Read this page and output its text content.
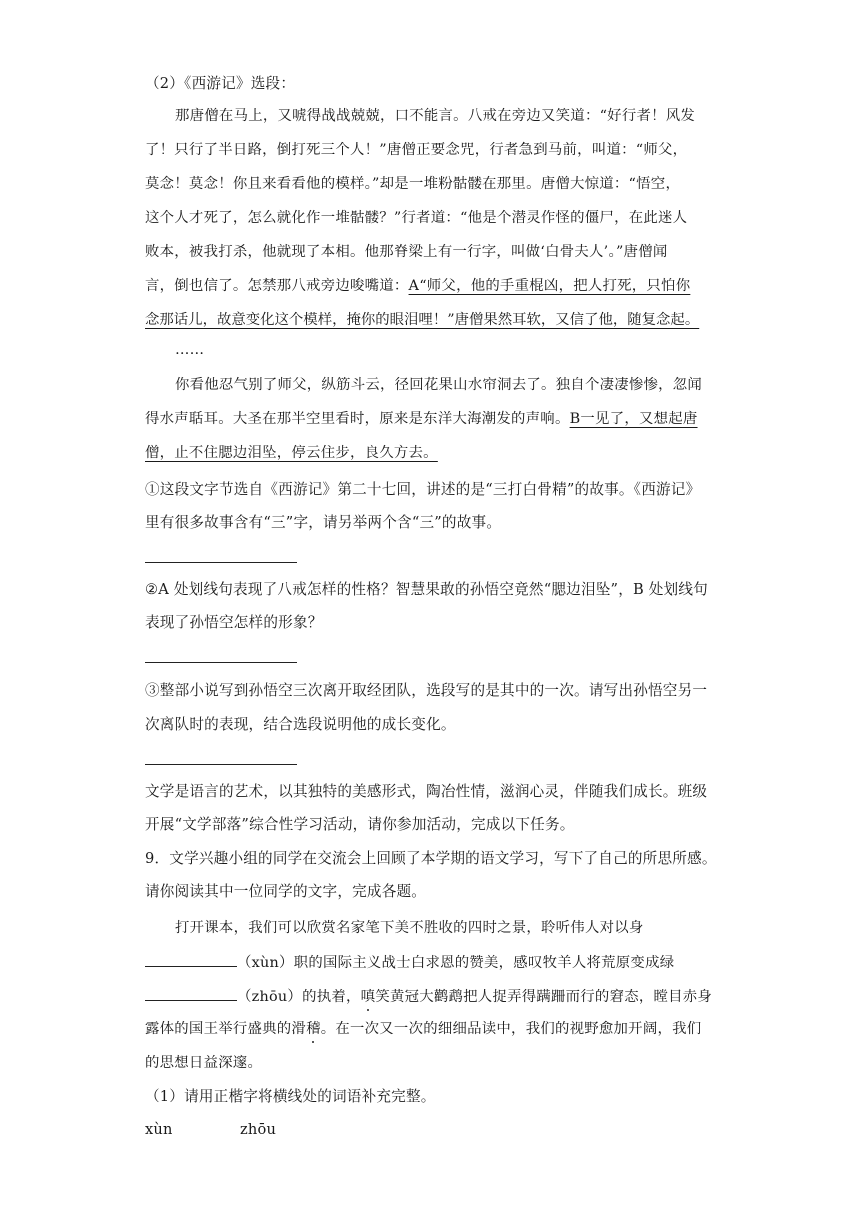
（2）《西游记》选段：
那唐僧在马上，又唬得战战兢兢，口不能言。八戒在旁边又笑道：“好行者！风发
了！只行了半日路，倒打死三个人！”唐僧正要念咒，行者急到马前，叫道：“师父，
莫念！莫念！你且来看看他的模样。”却是一堆粉骷髅在那里。唐僧大惊道：“悟空，
这个人才死了，怎么就化作一堆骷髅？”行者道：“他是个潜灵作怪的僵尸，在此迷人
败本，被我打杀，他就现了本相。他那脊梁上有一行字，叫做‘白骨夫人’。”唐僧闻
言，倒也信了。怎禁那八戒旁边唆嘴道：A“师父，他的手重棍凶，把人打死，只怕你
念那话儿，故意变化这个模样，掩你的眼泪哩！”唐僧果然耳软，又信了他，随复念起。
……
你看他忍气别了师父，纵筋斗云，径回花果山水帘洞去了。独自个凄凄惨惨，忽闻
得水声聒耳。大圣在那半空里看时，原来是东洋大海潮发的声响。B一见了，又想起唐
僧，止不住腮边泪坠，停云住步，良久方去。
①这段文字节选自《西游记》第二十七回，讲述的是“三打白骨精”的故事。《西游记》
里有很多故事含有“三”字，请另举两个含“三”的故事。
②A 处划线句表现了八戒怎样的性格？智慧果敢的孙悟空竟然“腮边泪坠”，B 处划线句
表现了孙悟空怎样的形象？
③整部小说写到孙悟空三次离开取经团队，选段写的是其中的一次。请写出孙悟空另一
次离队时的表现，结合选段说明他的成长变化。
文学是语言的艺术，以其独特的美感形式，陶冶性情，滋润心灵，伴随我们成长。班级
开展“文学部落”综合性学习活动，请你参加活动，完成以下任务。
9．文学兴趣小组的同学在交流会上回顾了本学期的语文学习，写下了自己的所思所感。
请你阅读其中一位同学的文字，完成各题。
打开课本，我们可以欣赏名家笔下美不胜收的四时之景，聆听伟人对以身
（xùn）职的国际主义战士白求恩的赞美，感叹牧羊人将荒原变成绿
（zhōu）的执着，嗔笑黄冠大鹳鹉把人捉弄得蹒跚而行的窘态，瞠目赤身
露体的国王举行盛典的滑稽。在一次又一次的细细品读中，我们的视野愈加开阔，我们
的思想日益深邃。
（1）请用正楷字将横线处的词语补充完整。
xùn	zhōu
